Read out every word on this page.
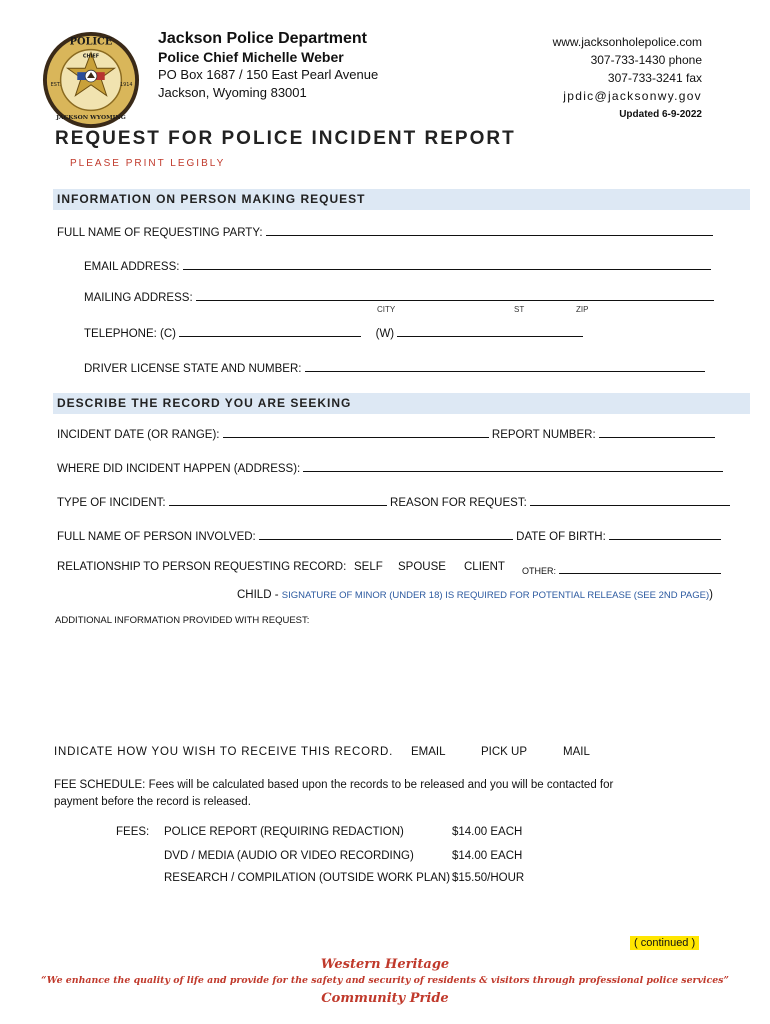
POLICE
CHIEF
EST.	1914
JACKSON WYOMING
Jackson Police Department
Police Chief Michelle Weber
PO Box 1687 / 150 East Pearl Avenue
Jackson, Wyoming 83001
www.jacksonholepolice.com
307-733-1430 phone
307-733-3241 fax
jpdic@jacksonwy.gov
Updated 6-9-2022
REQUEST FOR POLICE INCIDENT REPORT
PLEASE PRINT LEGIBLY
INFORMATION ON PERSON MAKING REQUEST
FULL NAME OF REQUESTING PARTY:
EMAIL ADDRESS:
MAILING ADDRESS:
CITY	ST	ZIP
TELEPHONE: (C)	(W)
DRIVER LICENSE STATE AND NUMBER:
DESCRIBE THE RECORD YOU ARE SEEKING
INCIDENT DATE (OR RANGE):	REPORT NUMBER:
WHERE DID INCIDENT HAPPEN (ADDRESS):
TYPE OF INCIDENT:	REASON FOR REQUEST:
FULL NAME OF PERSON INVOLVED:	DATE OF BIRTH:
RELATIONSHIP TO PERSON REQUESTING RECORD: SELF SPOUSE CLIENT OTHER:
CHILD - SIGNATURE OF MINOR (UNDER 18) IS REQUIRED FOR POTENTIAL RELEASE (SEE 2ND PAGE))
ADDITIONAL INFORMATION PROVIDED WITH REQUEST:
INDICATE HOW YOU WISH TO RECEIVE THIS RECORD. EMAIL	PICK UP	MAIL
FEE SCHEDULE: Fees will be calculated based upon the records to be released and you will be contacted for
payment before the record is released.
FEES: POLICE REPORT (REQUIRING REDACTION)	$14.00 EACH
DVD / MEDIA (AUDIO OR VIDEO RECORDING)	$14.00 EACH
RESEARCH / COMPILATION (OUTSIDE WORK PLAN) $15.50/HOUR
( continued )
Western Heritage
“We enhance the quality of life and provide for the safety and security of residents & visitors through professional police services”
Community Pride
